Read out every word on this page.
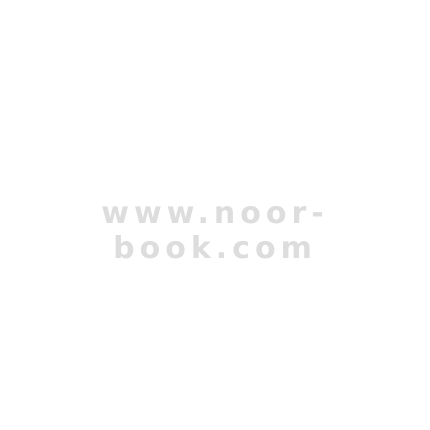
www.noor-book.com
